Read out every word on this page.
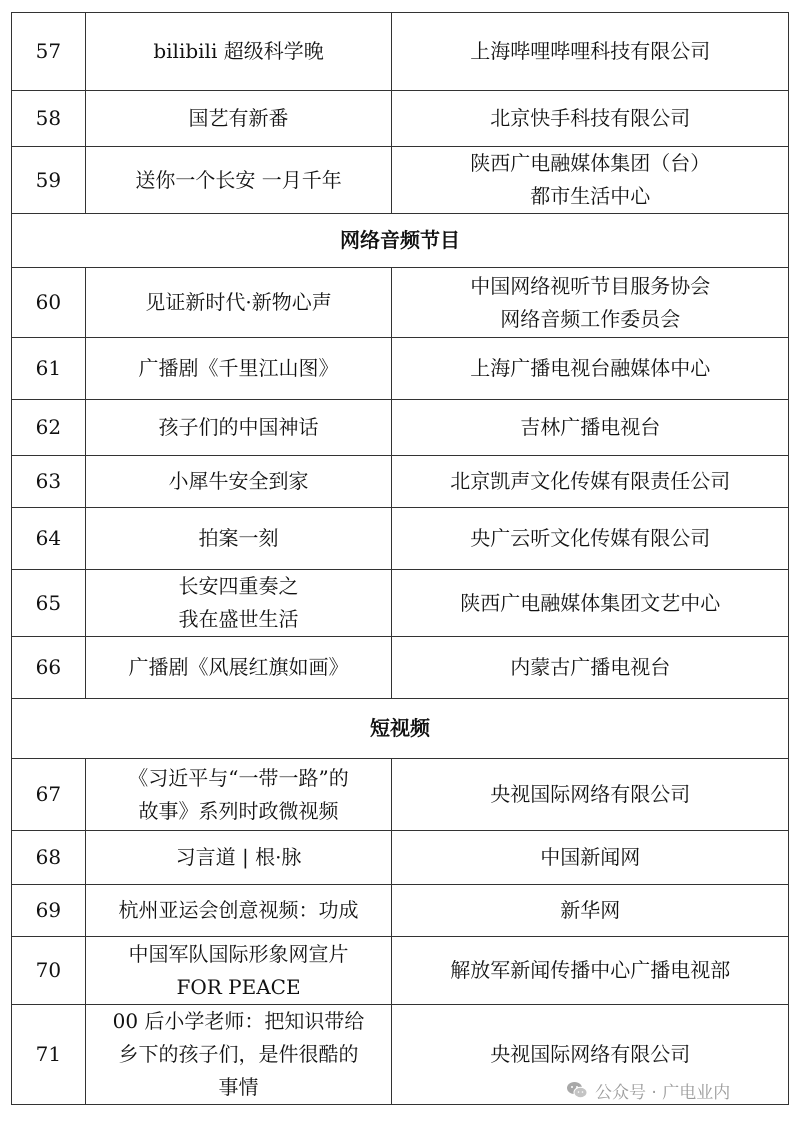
57	bilibili 超级科学晚	上海哔哩哔哩科技有限公司

58	国艺有新番	北京快手科技有限公司

59	送你一个长安 一月千年	陕西广电融媒体集团（台）
都市生活中心

网络音频节目		
60	见证新时代·新物心声	中国网络视听节目服务协会
网络音频工作委员会

61	广播剧《千里江山图》	上海广播电视台融媒体中心

62	孩子们的中国神话	吉林广播电视台

63	小犀牛安全到家	北京凯声文化传媒有限责任公司

64	拍案一刻	央广云听文化传媒有限公司

65	长安四重奏之
我在盛世生活	陕西广电融媒体集团文艺中心

66	广播剧《风展红旗如画》	内蒙古广播电视台

短视频		
67	《习近平与“一带一路”的
故事》系列时政微视频	央视国际网络有限公司

68	习言道 | 根·脉	中国新闻网

69	杭州亚运会创意视频：功成	新华网

70	中国军队国际形象网宣片
FOR PEACE	解放军新闻传播中心广播电视部

71	00 后小学老师：把知识带给
乡下的孩子们，是件很酷的
事情	央视国际网络有限公司
公众号 · 广电业内
